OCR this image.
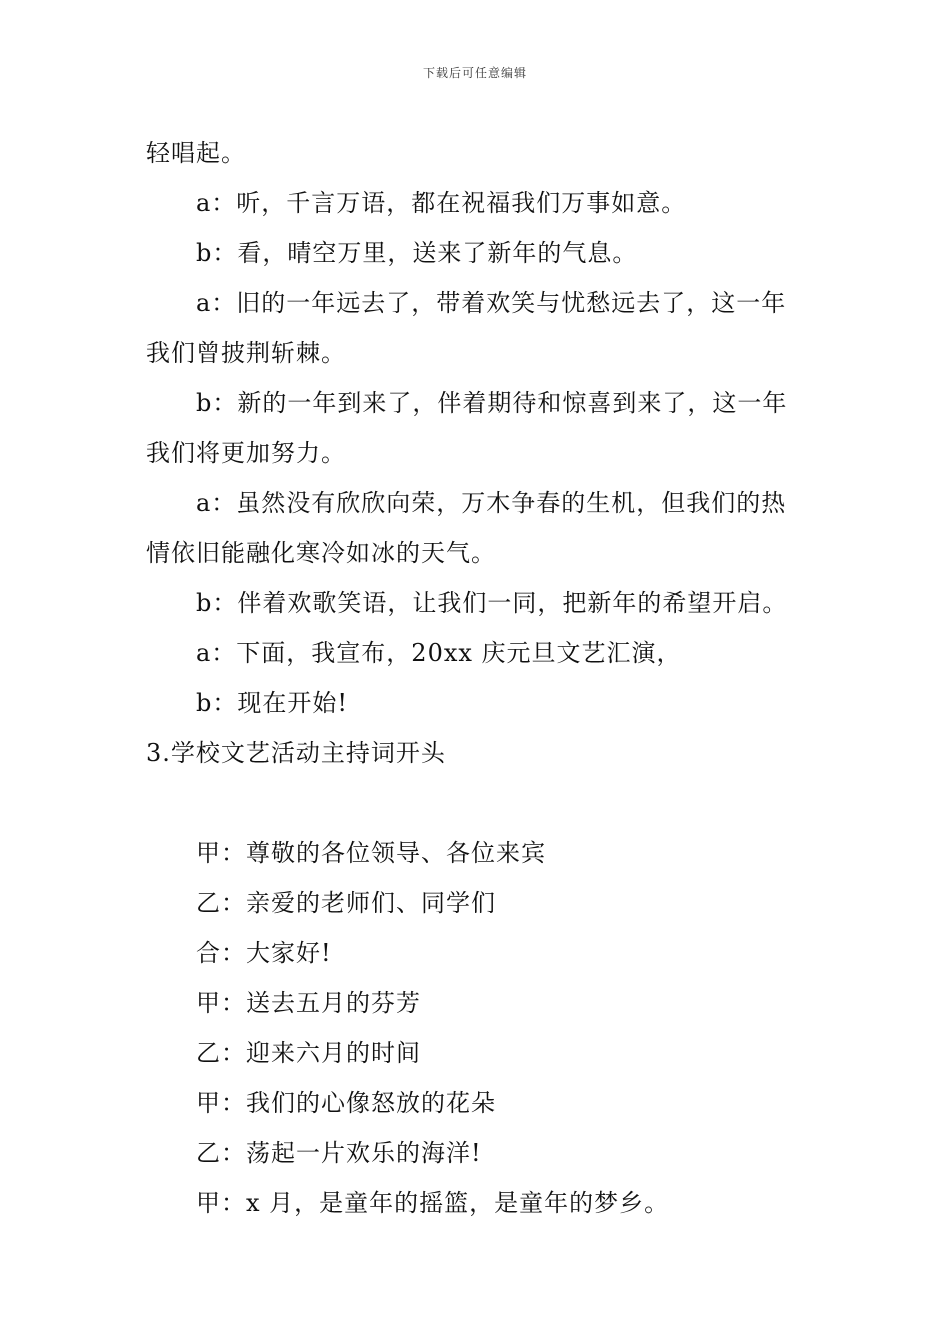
下载后可任意编辑
轻唱起。
a：听，千言万语，都在祝福我们万事如意。
b：看，晴空万里，送来了新年的气息。
a：旧的一年远去了，带着欢笑与忧愁远去了，这一年
我们曾披荆斩棘。
b：新的一年到来了，伴着期待和惊喜到来了，这一年
我们将更加努力。
a：虽然没有欣欣向荣，万木争春的生机，但我们的热
情依旧能融化寒冷如冰的天气。
b：伴着欢歌笑语，让我们一同，把新年的希望开启。
a：下面，我宣布，20xx 庆元旦文艺汇演，
b：现在开始!
3.学校文艺活动主持词开头
甲：尊敬的各位领导、各位来宾
乙：亲爱的老师们、同学们
合：大家好!
甲：送去五月的芬芳
乙：迎来六月的时间
甲：我们的心像怒放的花朵
乙：荡起一片欢乐的海洋!
甲：x 月，是童年的摇篮，是童年的梦乡。
